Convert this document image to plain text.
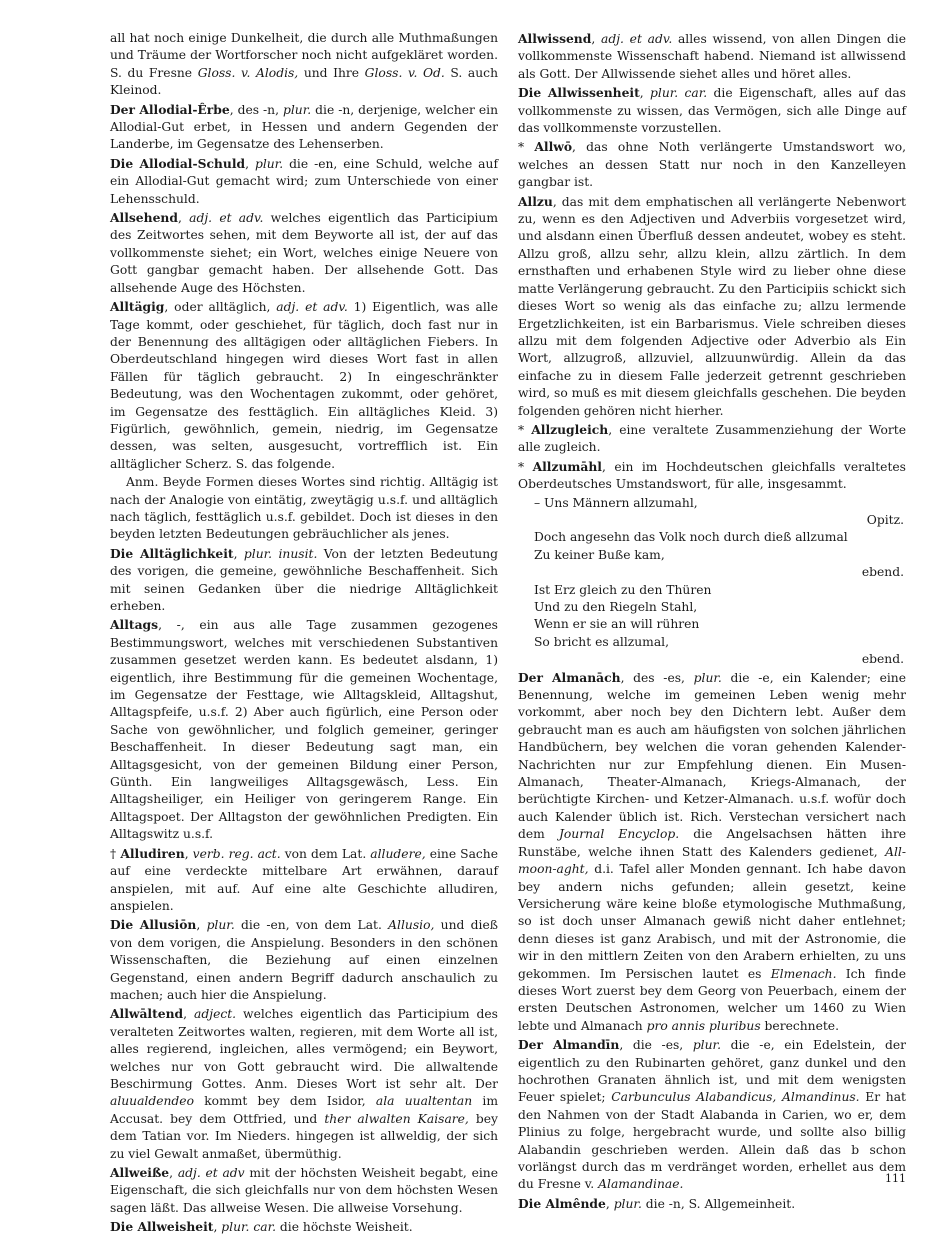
all hat noch einige Dunkelheit, die durch alle Muthmaßungen und Träume der Wortforscher noch nicht aufgekläret worden. S. du Fresne Gloss. v. Alodis, und Ihre Gloss. v. Od. S. auch Kleinod.

Der Allodial-Êrbe, des -n, plur. die -n, derjenige, welcher ein Allodial-Gut erbet, in Hessen und andern Gegenden der Landerbe, im Gegensatze des Lehenserben.

Die Allodial-Schuld, plur. die -en, eine Schuld, welche auf ein Allodial-Gut gemacht wird; zum Unterschiede von einer Lehensschuld.

Allsehend, adj. et adv. welches eigentlich das Participium des Zeitwortes sehen, mit dem Beyworte all ist, der auf das vollkommenste siehet; ein Wort, welches einige Neuere von Gott gangbar gemacht haben. Der allsehende Gott. Das allsehende Auge des Höchsten.

Alltägig, oder alltäglich, adj. et adv. 1) Eigentlich, was alle Tage kommt, oder geschiehet, für täglich, doch fast nur in der Benennung des alltägigen oder alltäglichen Fiebers. In Oberdeutschland hingegen wird dieses Wort fast in allen Fällen für täglich gebraucht. 2) In eingeschränkter Bedeutung, was den Wochentagen zukommt, oder gehöret, im Gegensatze des festtäglich. Ein alltägliches Kleid. 3) Figürlich, gewöhnlich, gemein, niedrig, im Gegensatze dessen, was selten, ausgesucht, vortrefflich ist. Ein alltäglicher Scherz. S. das folgende.

Anm. Beyde Formen dieses Wortes sind richtig. Alltägig ist nach der Analogie von eintätig, zweytägig u.s.f. und alltäglich nach täglich, festtäglich u.s.f. gebildet. Doch ist dieses in den beyden letzten Bedeutungen gebräuchlicher als jenes.

Die Alltäglichkeit, plur. inusit. Von der letzten Bedeutung des vorigen, die gemeine, gewöhnliche Beschaffenheit. Sich mit seinen Gedanken über die niedrige Alltäglichkeit erheben.

Alltags, -, ein aus alle Tage zusammen gezogenes Bestimmungswort, welches mit verschiedenen Substantiven zusammen gesetzet werden kann. Es bedeutet alsdann, 1) eigentlich, ihre Bestimmung für die gemeinen Wochentage, im Gegensatze der Festtage, wie Alltagskleid, Alltagshut, Alltagspfeife, u.s.f. 2) Aber auch figürlich, eine Person oder Sache von gewöhnlicher, und folglich gemeiner, geringer Beschaffenheit. In dieser Bedeutung sagt man, ein Alltagsgesicht, von der gemeinen Bildung einer Person, Günth. Ein langweiliges Alltagsgewäsch, Less. Ein Alltagsheiliger, ein Heiliger von geringerem Range. Ein Alltagspoet. Der Alltagston der gewöhnlichen Predigten. Ein Alltagswitz u.s.f.

† Alludiren, verb. reg. act. von dem Lat. alludere, eine Sache auf eine verdeckte mittelbare Art erwähnen, darauf anspielen, mit auf. Auf eine alte Geschichte alludiren, anspielen.

Die Allusiōn, plur. die -en, von dem Lat. Allusio, und dieß von dem vorigen, die Anspielung. Besonders in den schönen Wissenschaften, die Beziehung auf einen einzelnen Gegenstand, einen andern Begriff dadurch anschaulich zu machen; auch hier die Anspielung.

Allwāltend, adject. welches eigentlich das Participium des veralteten Zeitwortes walten, regieren, mit dem Worte all ist, alles regierend, ingleichen, alles vermögend; ein Beywort, welches nur von Gott gebraucht wird. Die allwaltende Beschirmung Gottes. Anm. Dieses Wort ist sehr alt. Der aluualdendeo kommt bey dem Isidor, ala uualtentan im Accusat. bey dem Ottfried, und ther alwalten Kaisare, bey dem Tatian vor. Im Nieders. hingegen ist allweldig, der sich zu viel Gewalt anmaßet, übermüthig.

Allweiße, adj. et adv mit der höchsten Weisheit begabt, eine Eigenschaft, die sich gleichfalls nur von dem höchsten Wesen sagen läßt. Das allweise Wesen. Die allweise Vorsehung.

Die Allweisheit, plur. car. die höchste Weisheit.

Allwissend, adj. et adv. alles wissend, von allen Dingen die vollkommenste Wissenschaft habend. Niemand ist allwissend als Gott. Der Allwissende siehet alles und höret alles.

Die Allwissenheit, plur. car. die Eigenschaft, alles auf das vollkommenste zu wissen, das Vermögen, sich alle Dinge auf das vollkommenste vorzustellen.

* Allwō, das ohne Noth verlängerte Umstandswort wo, welches an dessen Statt nur noch in den Kanzelleyen gangbar ist.

Allzu, das mit dem emphatischen all verlängerte Nebenwort zu, wenn es den Adjectiven und Adverbiis vorgesetzet wird, und alsdann einen Überfluß dessen andeutet, wobey es steht. Allzu groß, allzu sehr, allzu klein, allzu zärtlich. In dem ernsthaften und erhabenen Style wird zu lieber ohne diese matte Verlängerung gebraucht. Zu den Participiis schickt sich dieses Wort so wenig als das einfache zu; allzu lermende Ergetzlichkeiten, ist ein Barbarismus. Viele schreiben dieses allzu mit dem folgenden Adjective oder Adverbio als Ein Wort, allzugroß, allzuviel, allzuunwürdig. Allein da das einfache zu in diesem Falle jederzeit getrennt geschrieben wird, so muß es mit diesem gleichfalls geschehen. Die beyden folgenden gehören nicht hierher.

* Allzugleich, eine veraltete Zusammenziehung der Worte alle zugleich.

* Allzumāhl, ein im Hochdeutschen gleichfalls veraltetes Oberdeutsches Umstandswort, für alle, insgesammt.

– Uns Männern allzumahl,
Opitz.
Doch angesehn das Volk noch durch dieß allzumal
Zu keiner Buße kam,
ebend.
Ist Erz gleich zu den Thüren
Und zu den Riegeln Stahl,
Wenn er sie an will rühren
So bricht es allzumal,
ebend.

Der Almanāch, des -es, plur. die -e, ein Kalender; eine Benennung, welche im gemeinen Leben wenig mehr vorkommt, aber noch bey den Dichtern lebt. Außer dem gebraucht man es auch am häufigsten von solchen jährlichen Handbüchern, bey welchen die voran gehenden Kalender-Nachrichten nur zur Empfehlung dienen. Ein Musen-Almanach, Theater-Almanach, Kriegs-Almanach, der berüchtigte Kirchen- und Ketzer-Almanach. u.s.f. wofür doch auch Kalender üblich ist. Rich. Verstechan versichert nach dem Journal Encyclop. die Angelsachsen hätten ihre Runstäbe, welche ihnen Statt des Kalenders gedienet, All-moon-aght, d.i. Tafel aller Monden gennant. Ich habe davon bey andern nichs gefunden; allein gesetzt, keine Versicherung wäre keine bloße etymologische Muthmaßung, so ist doch unser Almanach gewiß nicht daher entlehnet; denn dieses ist ganz Arabisch, und mit der Astronomie, die wir in den mittlern Zeiten von den Arabern erhielten, zu uns gekommen. Im Persischen lautet es Elmenach. Ich finde dieses Wort zuerst bey dem Georg von Peuerbach, einem der ersten Deutschen Astronomen, welcher um 1460 zu Wien lebte und Almanach pro annis pluribus berechnete.

Der Almandīn, die -es, plur. die -e, ein Edelstein, der eigentlich zu den Rubinarten gehöret, ganz dunkel und den hochrothen Granaten ähnlich ist, und mit dem wenigsten Feuer spielet; Carbunculus Alabandicus, Almandinus. Er hat den Nahmen von der Stadt Alabanda in Carien, wo er, dem Plinius zu folge, hergebracht wurde, und sollte also billig Alabandin geschrieben werden. Allein daß das b schon vorlängst durch das m verdränget worden, erhellet aus dem du Fresne v. Alamandinae.

Die Almênde, plur. die -n, S. Allgemeinheit.

111
